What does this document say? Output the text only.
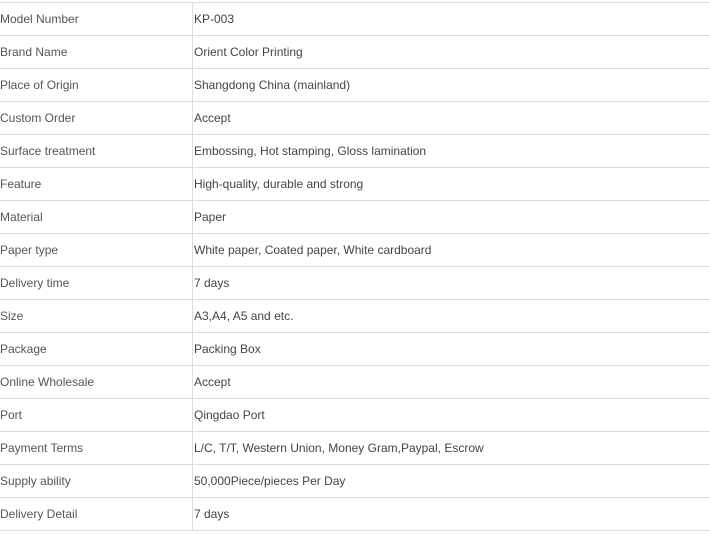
Model Number	KP-003
Brand Name	Orient Color Printing
Place of Origin	Shangdong China (mainland)
Custom Order	Accept
Surface treatment	Embossing, Hot stamping, Gloss lamination
Feature	High-quality, durable and strong
Material	Paper
Paper type	White paper, Coated paper, White cardboard
Delivery time	7 days
Size	A3,A4, A5 and etc.
Package	Packing Box
Online Wholesale	Accept
Port	Qingdao Port
Payment Terms	L/C, T/T, Western Union, Money Gram,Paypal, Escrow
Supply ability	50,000Piece/pieces Per Day
Delivery Detail	7 days
